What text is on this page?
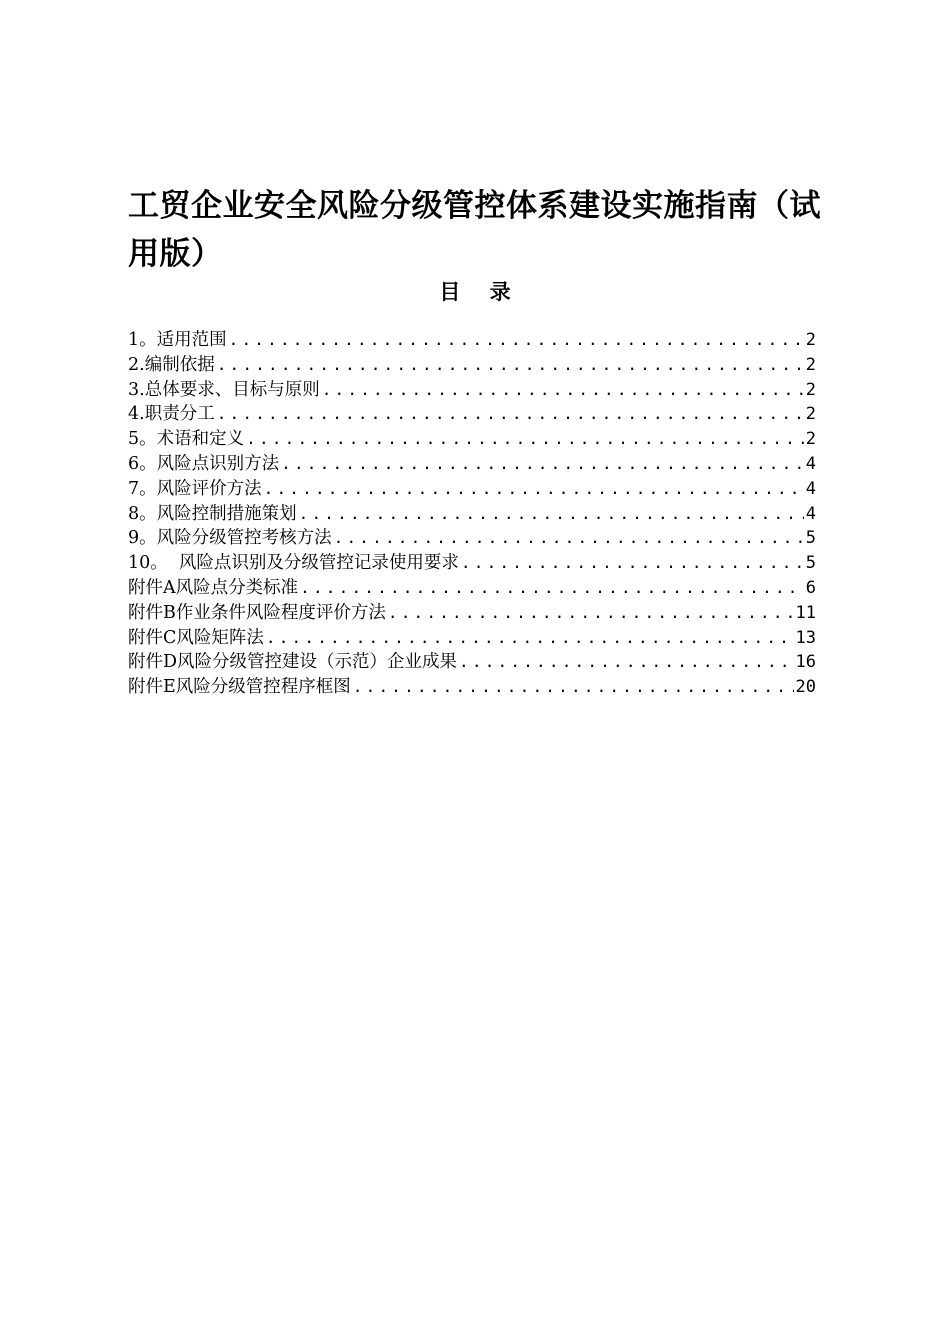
工贸企业安全风险分级管控体系建设实施指南（试用版）
目    录
1。适用范围 .....	2
2.编制依据 .....	2
3.总体要求、目标与原则 .....	2
4.职责分工 .....	2
5。术语和定义 .....	2
6。风险点识别方法 .....	4
7。风险评价方法 .....	4
8。风险控制措施策划 .....	4
9。风险分级管控考核方法 .....	5
10。  风险点识别及分级管控记录使用要求 .....	5
附件A风险点分类标准 .....	6
附件B作业条件风险程度评价方法 .....	11
附件C风险矩阵法 .....	13
附件D风险分级管控建设（示范）企业成果 .....	16
附件E风险分级管控程序框图 .....	20
